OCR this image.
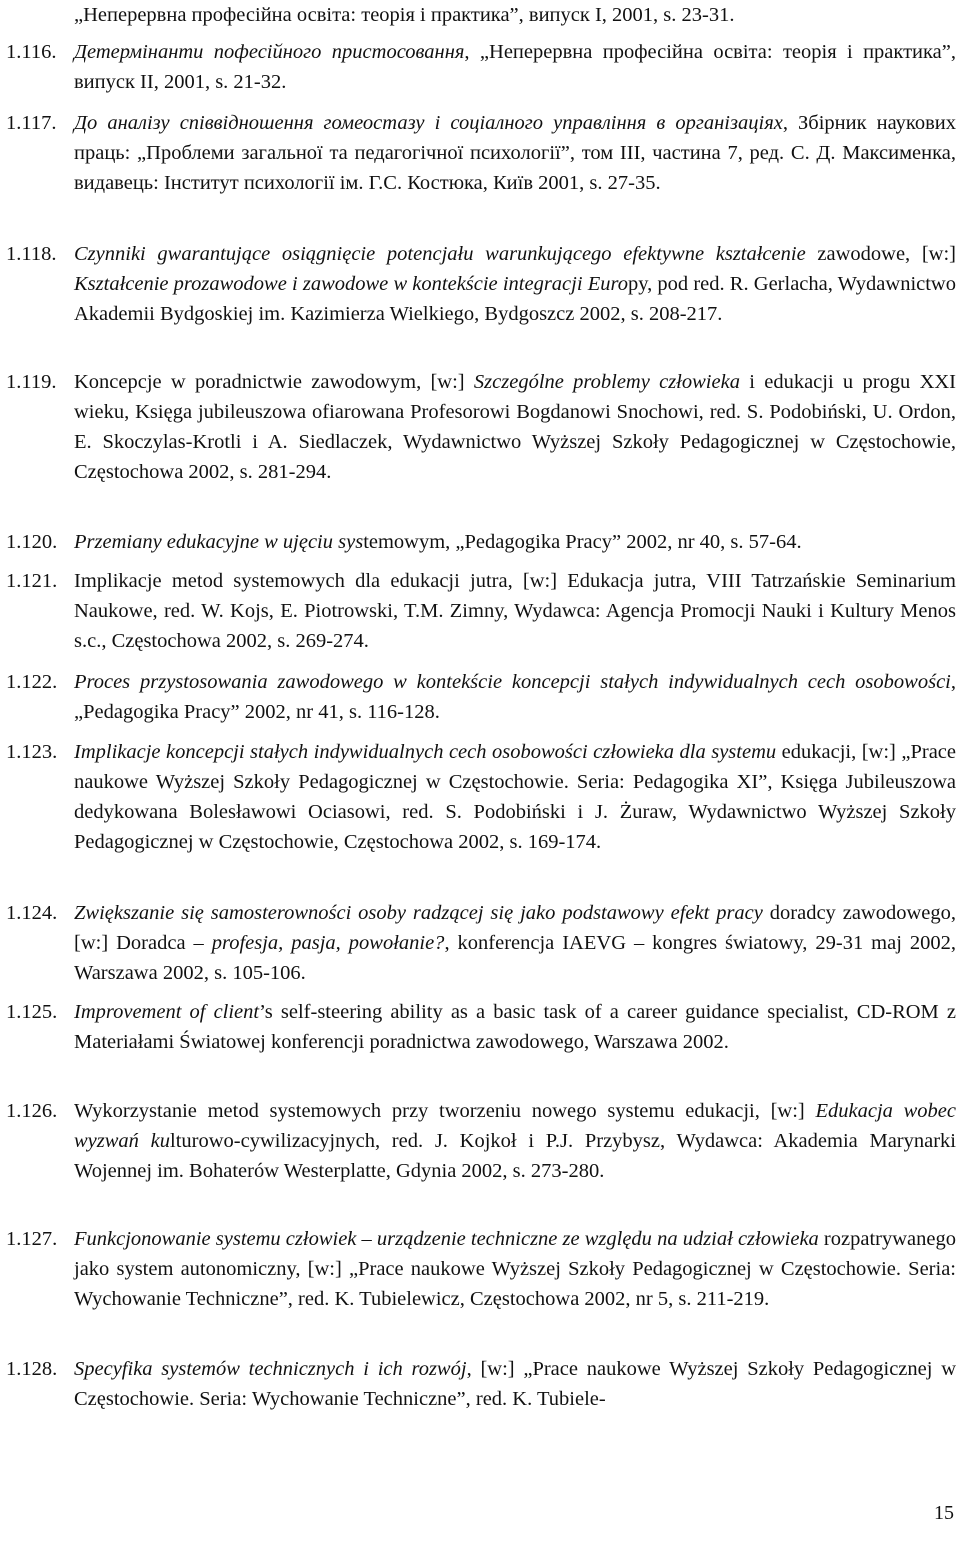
„Неперервна професійна освіта: теорія і практика”, випуск I, 2001, s. 23-31.
1.116. Детермінанти пофесійного пристосовання, „Неперервна професійна освіта: теорія і практика”, випуск II, 2001, s. 21-32.
1.117. До аналізу співвідношення гомеостазу і соціалного управління в організаціях, Збірник наукових праць: „Проблеми загальної та педагогічної психології”, том III, частина 7, ред. С. Д. Максименка, видавець: Інститут психології ім. Г.С. Костюка, Київ 2001, s. 27-35.
1.118. Czynniki gwarantujące osiągnięcie potencjału warunkującego efektywne kształcenie zawodowe, [w:] Kształcenie prozawodowe i zawodowe w kontekście integracji Europy, pod red. R. Gerlacha, Wydawnictwo Akademii Bydgoskiej im. Kazimierza Wielkiego, Bydgoszcz 2002, s. 208-217.
1.119. Koncepcje w poradnictwie zawodowym, [w:] Szczególne problemy człowieka i edukacji u progu XXI wieku, Księga jubileuszowa ofiarowana Profesorowi Bogdanowi Snochowi, red. S. Podobiński, U. Ordon, E. Skoczylas-Krotli i A. Siedlaczek, Wydawnictwo Wyższej Szkoły Pedagogicznej w Częstochowie, Częstochowa 2002, s. 281-294.
1.120. Przemiany edukacyjne w ujęciu systemowym, „Pedagogika Pracy” 2002, nr 40, s. 57-64.
1.121. Implikacje metod systemowych dla edukacji jutra, [w:] Edukacja jutra, VIII Tatrzańskie Seminarium Naukowe, red. W. Kojs, E. Piotrowski, T.M. Zimny, Wydawca: Agencja Promocji Nauki i Kultury Menos s.c., Częstochowa 2002, s. 269-274.
1.122. Proces przystosowania zawodowego w kontekście koncepcji stałych indywidualnych cech osobowości, „Pedagogika Pracy” 2002, nr 41, s. 116-128.
1.123. Implikacje koncepcji stałych indywidualnych cech osobowości człowieka dla systemu edukacji, [w:] „Prace naukowe Wyższej Szkoły Pedagogicznej w Częstochowie. Seria: Pedagogika XI”, Księga Jubileuszowa dedykowana Bolesławowi Ociasowi, red. S. Podobiński i J. Żuraw, Wydawnictwo Wyższej Szkoły Pedagogicznej w Częstochowie, Częstochowa 2002, s. 169-174.
1.124. Zwiększanie się samosterowności osoby radzącej się jako podstawowy efekt pracy doradcy zawodowego, [w:] Doradca – profesja, pasja, powołanie?, konferencja IAEVG – kongres światowy, 29-31 maj 2002, Warszawa 2002, s. 105-106.
1.125. Improvement of client’s self-steering ability as a basic task of a career guidance specialist, CD-ROM z Materiałami Światowej konferencji poradnictwa zawodowego, Warszawa 2002.
1.126. Wykorzystanie metod systemowych przy tworzeniu nowego systemu edukacji, [w:] Edukacja wobec wyzwań kulturowo-cywilizacyjnych, red. J. Kojkoł i P.J. Przybysz, Wydawca: Akademia Marynarki Wojennej im. Bohaterów Westerplatte, Gdynia 2002, s. 273-280.
1.127. Funkcjonowanie systemu człowiek – urządzenie techniczne ze względu na udział człowieka rozpatrywanego jako system autonomiczny, [w:] „Prace naukowe Wyższej Szkoły Pedagogicznej w Częstochowie. Seria: Wychowanie Techniczne”, red. K. Tubielewicz, Częstochowa 2002, nr 5, s. 211-219.
1.128. Specyfika systemów technicznych i ich rozwój, [w:] „Prace naukowe Wyższej Szkoły Pedagogicznej w Częstochowie. Seria: Wychowanie Techniczne”, red. K. Tubiele-
15
